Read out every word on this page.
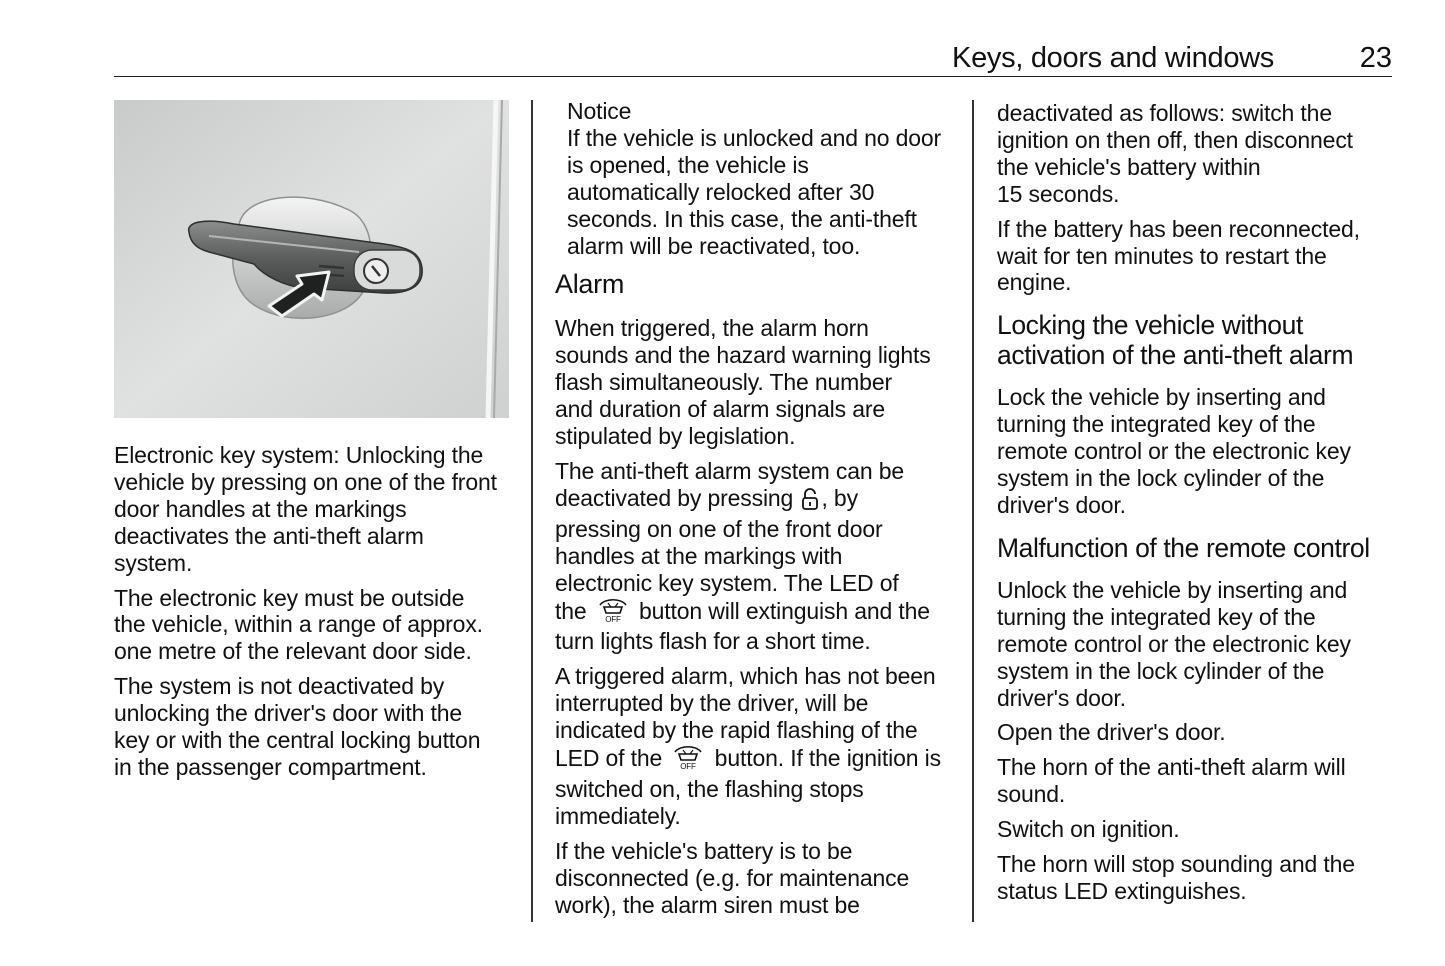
Keys, doors and windows	23

Electronic key system: Unlocking the
vehicle by pressing on one of the front
door handles at the markings
deactivates the anti-theft alarm
system.

The electronic key must be outside
the vehicle, within a range of approx.
one metre of the relevant door side.

The system is not deactivated by
unlocking the driver's door with the
key or with the central locking button
in the passenger compartment.

Notice

If the vehicle is unlocked and no door
is opened, the vehicle is
automatically relocked after 30
seconds. In this case, the anti-theft
alarm will be reactivated, too.

Alarm

When triggered, the alarm horn
sounds and the hazard warning lights
flash simultaneously. The number
and duration of alarm signals are
stipulated by legislation.

The anti-theft alarm system can be
deactivated by pressing , by
pressing on one of the front door
handles at the markings with
electronic key system. The LED of
the OFF button will extinguish and the
turn lights flash for a short time.

A triggered alarm, which has not been
interrupted by the driver, will be
indicated by the rapid flashing of the
LED of the OFF button. If the ignition is
switched on, the flashing stops
immediately.

If the vehicle's battery is to be
disconnected (e.g. for maintenance
work), the alarm siren must be

deactivated as follows: switch the
ignition on then off, then disconnect
the vehicle's battery within
15 seconds.

If the battery has been reconnected,
wait for ten minutes to restart the
engine.

Locking the vehicle without
activation of the anti-theft alarm

Lock the vehicle by inserting and
turning the integrated key of the
remote control or the electronic key
system in the lock cylinder of the
driver's door.

Malfunction of the remote control

Unlock the vehicle by inserting and
turning the integrated key of the
remote control or the electronic key
system in the lock cylinder of the
driver's door.

Open the driver's door.

The horn of the anti-theft alarm will
sound.

Switch on ignition.

The horn will stop sounding and the
status LED extinguishes.
